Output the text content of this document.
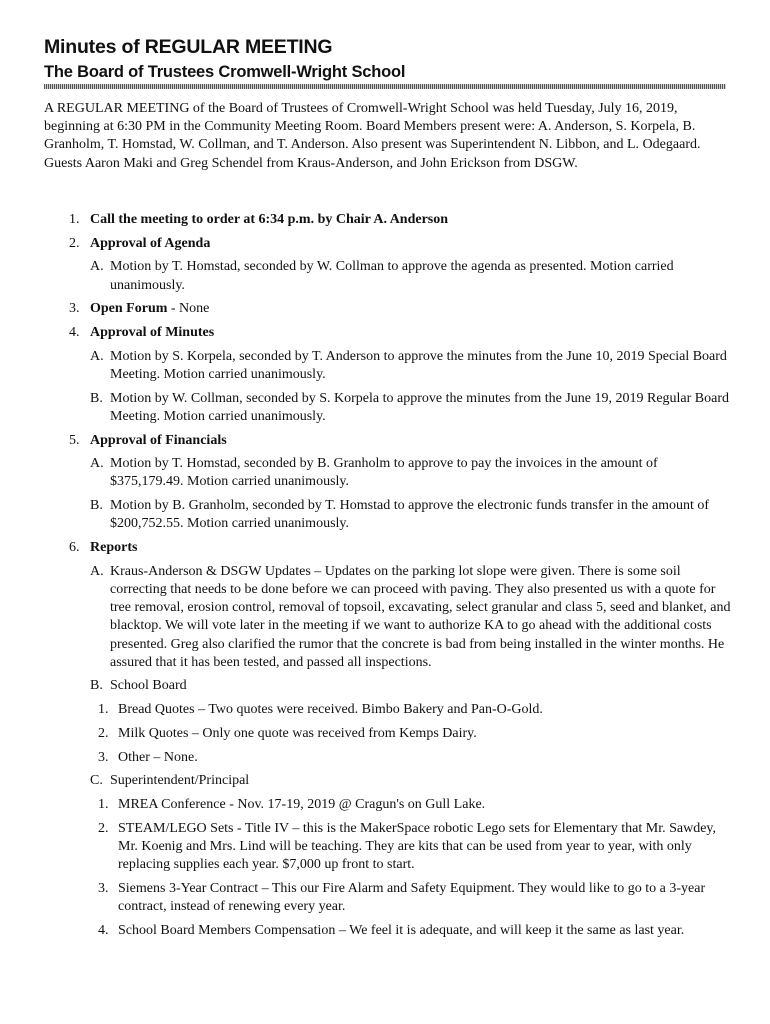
Minutes of REGULAR MEETING
The Board of Trustees Cromwell-Wright School
A REGULAR MEETING of the Board of Trustees of Cromwell-Wright School was held Tuesday, July 16, 2019, beginning at 6:30 PM in the Community Meeting Room. Board Members present were: A. Anderson, S. Korpela, B. Granholm, T. Homstad, W. Collman, and T. Anderson. Also present was Superintendent N. Libbon, and L. Odegaard. Guests Aaron Maki and Greg Schendel from Kraus-Anderson, and John Erickson from DSGW.
1. Call the meeting to order at 6:34 p.m. by Chair A. Anderson
2. Approval of Agenda
A. Motion by T. Homstad, seconded by W. Collman to approve the agenda as presented. Motion carried unanimously.
3. Open Forum - None
4. Approval of Minutes
A. Motion by S. Korpela, seconded by T. Anderson to approve the minutes from the June 10, 2019 Special Board Meeting. Motion carried unanimously.
B. Motion by W. Collman, seconded by S. Korpela to approve the minutes from the June 19, 2019 Regular Board Meeting. Motion carried unanimously.
5. Approval of Financials
A. Motion by T. Homstad, seconded by B. Granholm to approve to pay the invoices in the amount of $375,179.49. Motion carried unanimously.
B. Motion by B. Granholm, seconded by T. Homstad to approve the electronic funds transfer in the amount of $200,752.55. Motion carried unanimously.
6. Reports
A. Kraus-Anderson & DSGW Updates – Updates on the parking lot slope were given. There is some soil correcting that needs to be done before we can proceed with paving. They also presented us with a quote for tree removal, erosion control, removal of topsoil, excavating, select granular and class 5, seed and blanket, and blacktop. We will vote later in the meeting if we want to authorize KA to go ahead with the additional costs presented. Greg also clarified the rumor that the concrete is bad from being installed in the winter months. He assured that it has been tested, and passed all inspections.
B. School Board
1. Bread Quotes – Two quotes were received. Bimbo Bakery and Pan-O-Gold.
2. Milk Quotes – Only one quote was received from Kemps Dairy.
3. Other – None.
C. Superintendent/Principal
1. MREA Conference - Nov. 17-19, 2019 @ Cragun's on Gull Lake.
2. STEAM/LEGO Sets - Title IV – this is the MakerSpace robotic Lego sets for Elementary that Mr. Sawdey, Mr. Koenig and Mrs. Lind will be teaching. They are kits that can be used from year to year, with only replacing supplies each year. $7,000 up front to start.
3. Siemens 3-Year Contract – This our Fire Alarm and Safety Equipment. They would like to go to a 3-year contract, instead of renewing every year.
4. School Board Members Compensation – We feel it is adequate, and will keep it the same as last year.
